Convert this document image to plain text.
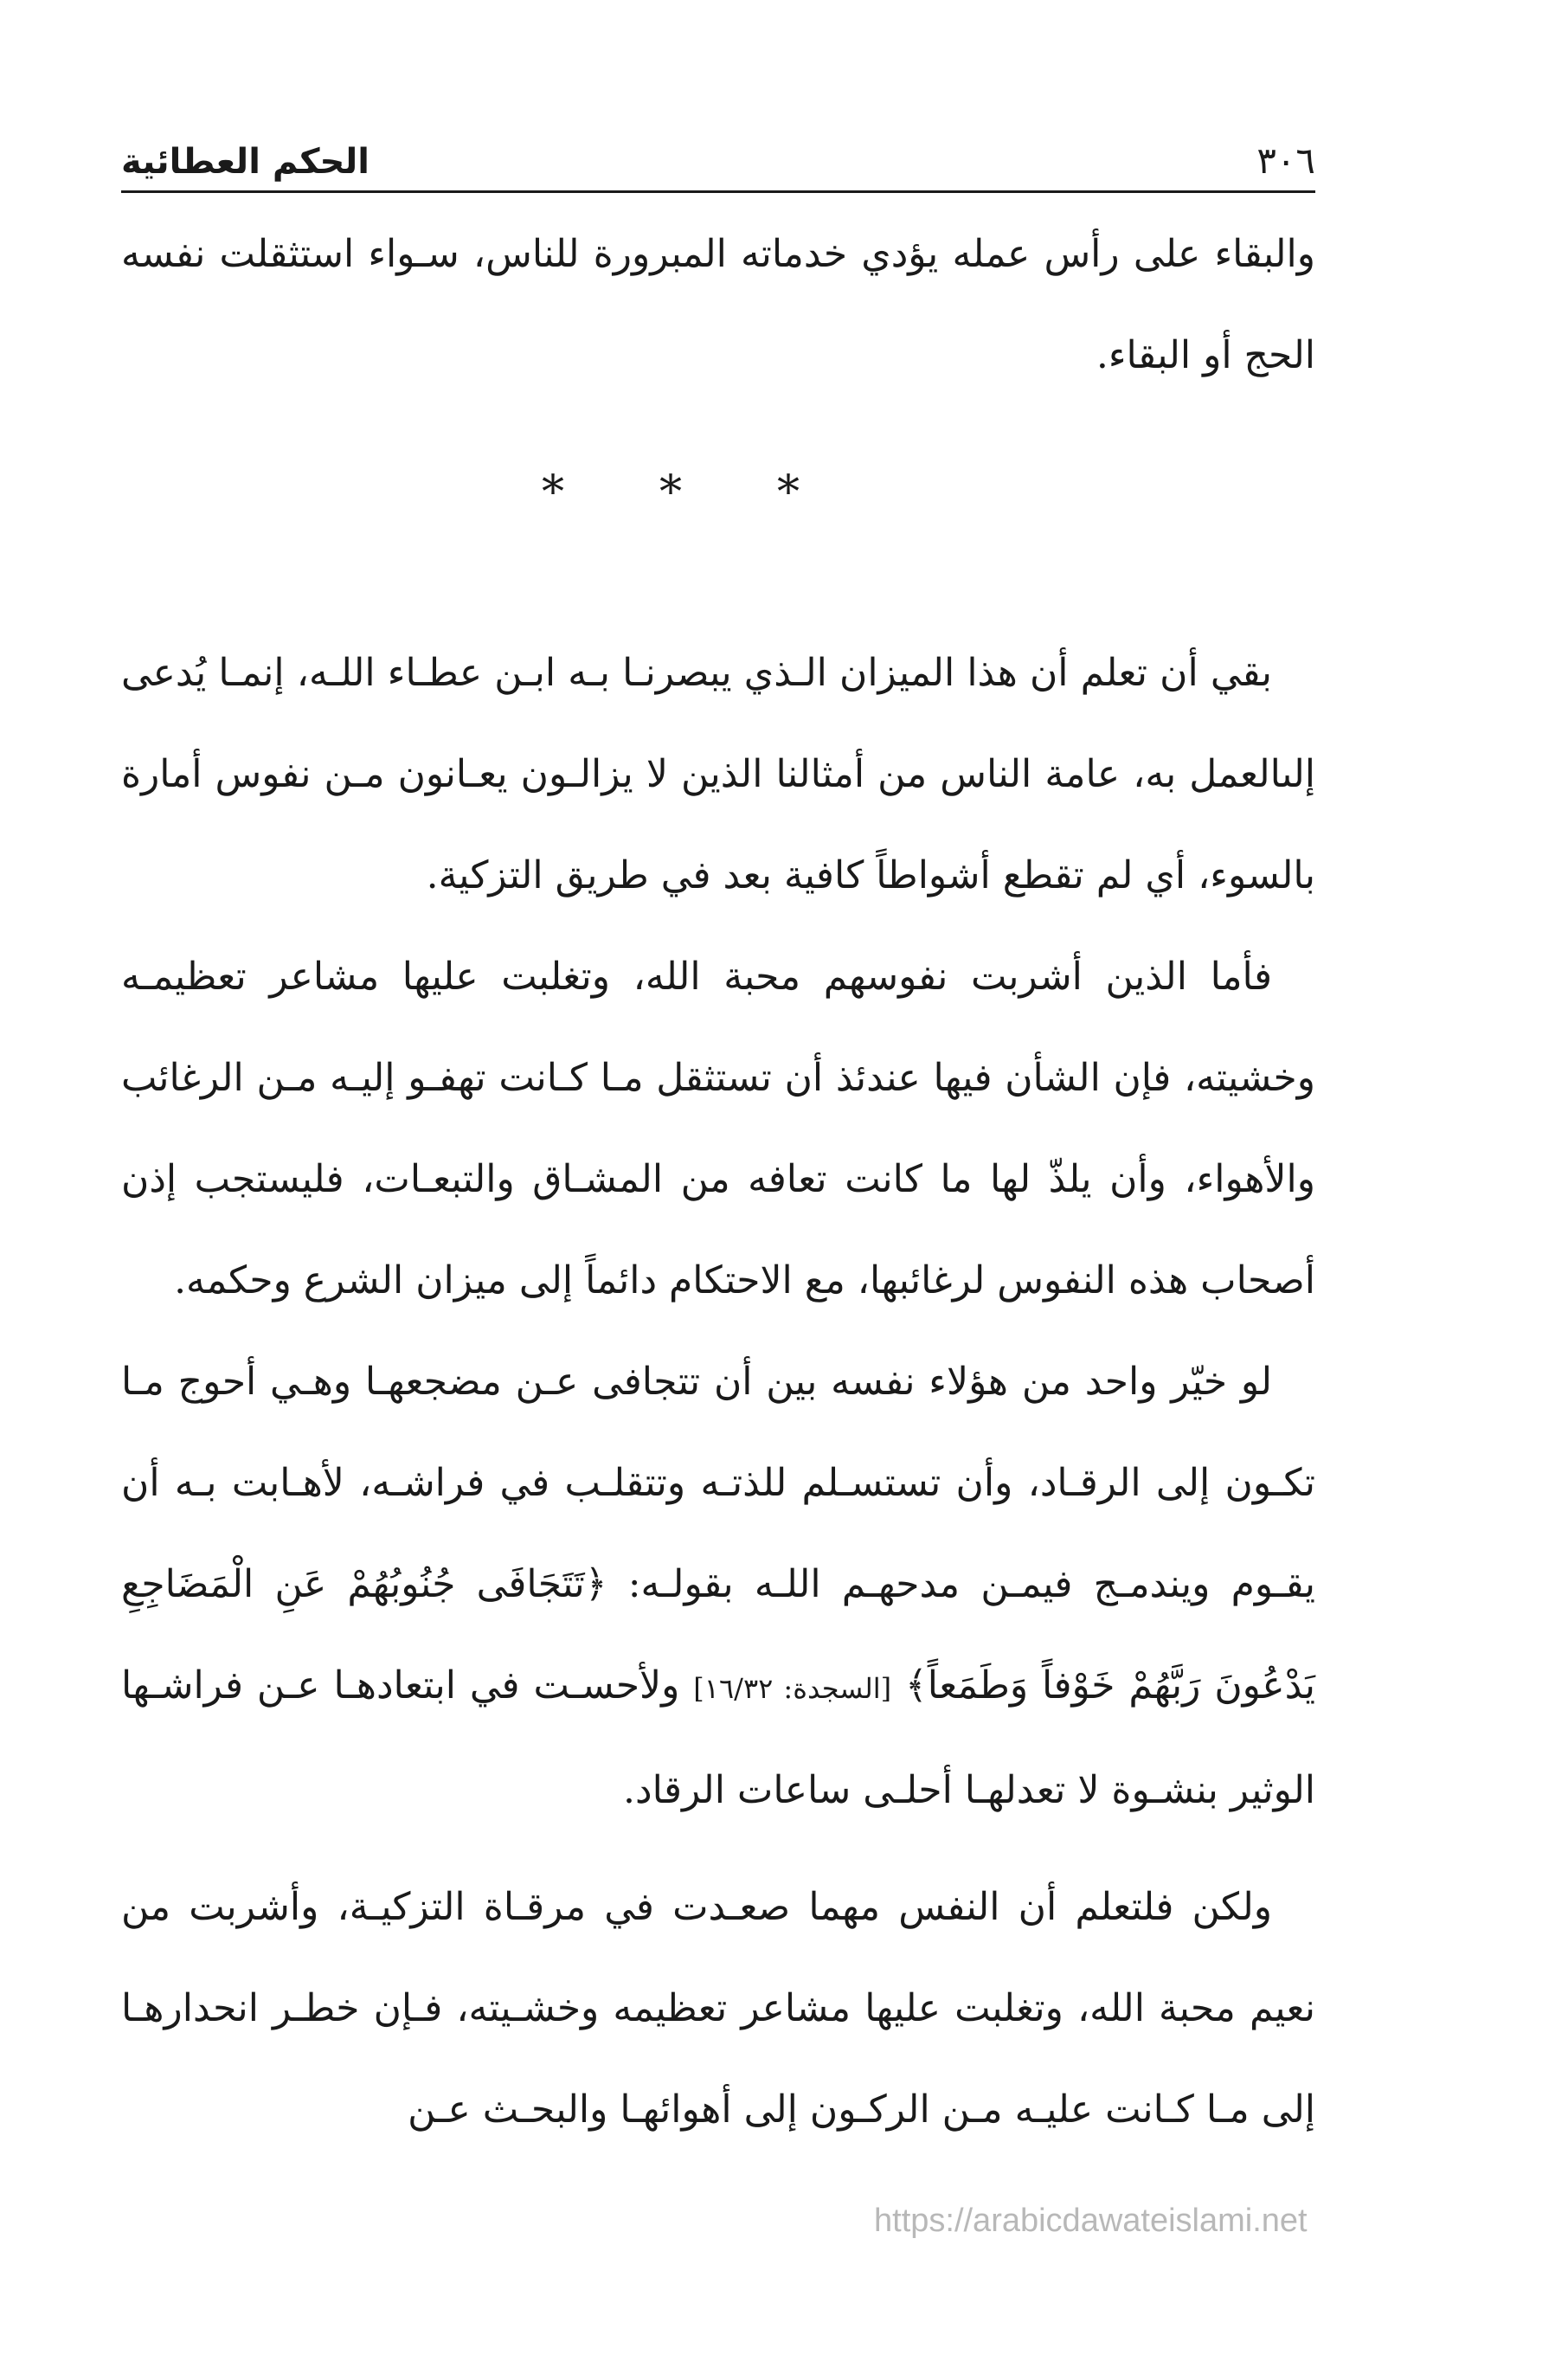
٣٠٦
الحكم العطائية

والبقاء على رأس عمله يؤدي خدماته المبرورة للناس، سـواء استثقلت نفسه الحج أو البقاء.

***

بقي أن تعلم أن هذا الميزان الـذي يبصرنـا بـه ابـن عطـاء اللـه، إنمـا يُدعى إلىالعمل به، عامة الناس من أمثالنا الذين لا يزالـون يعـانون مـن نفوس أمارة بالسوء، أي لم تقطع أشواطاً كافية بعد في طريق التزكية.

فأما الذين أشربت نفوسهم محبة الله، وتغلبت عليها مشاعر تعظيمـه وخشيته، فإن الشأن فيها عندئذ أن تستثقل مـا كـانت تهفـو إليـه مـن الرغائب والأهواء، وأن يلذّ لها ما كانت تعافه من المشـاق والتبعـات، فليستجب إذن أصحاب هذه النفوس لرغائبها، مع الاحتكام دائماً إلى ميزان الشرع وحكمه.

لو خيّر واحد من هؤلاء نفسه بين أن تتجافى عـن مضجعهـا وهـي أحوج مـا تكـون إلى الرقـاد، وأن تستسـلم للذتـه وتتقلـب في فراشـه، لأهـابت بـه أن يقـوم ويندمـج فيمـن مدحهـم اللـه بقولـه: ﴿تَتَجَافَى جُنُوبُهُمْ عَنِ الْمَضَاجِعِ يَدْعُونَ رَبَّهُمْ خَوْفاً وَطَمَعاً﴾ [السجدة: ١٦/٣٢] ولأحسـت في ابتعادهـا عـن فراشـها الوثير بنشـوة لا تعدلهـا أحلـى ساعات الرقاد.

ولكن فلتعلم أن النفس مهما صعـدت في مرقـاة التزكيـة، وأشربت من نعيم محبة الله، وتغلبت عليها مشاعر تعظيمه وخشـيته، فـإن خطـر انحدارهـا إلى مـا كـانت عليـه مـن الركـون إلى أهوائهـا والبحـث عـن

https://arabicdawateislami.net
